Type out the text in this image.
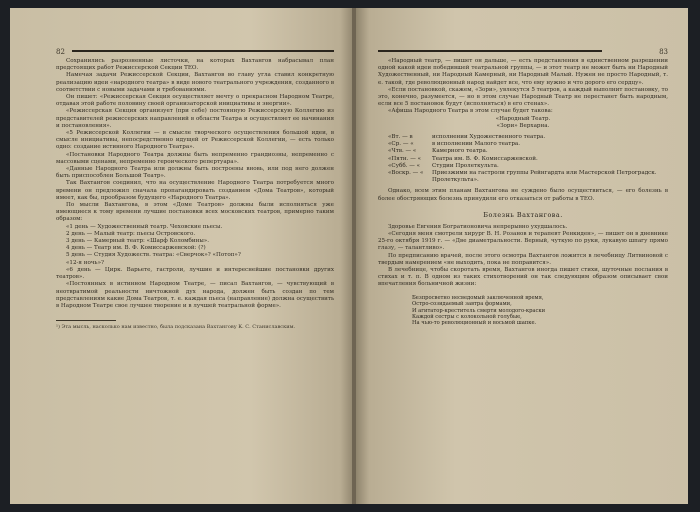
82

Сохранились разрозненные листочки, на которых Вахтангов набрасывал план предстоящих работ Режиссерской Секции ТЕО.

Намечая задачи Режиссерской Секции, Вахтангов во главу угла ставил конкретную реализацию идеи «народного театра» в виде нового театрального учреждения, созданного в соответствии с новыми задачами и требованиями.

Он пишет: «Режиссерская Секция осуществляет мечту о прекрасном Народном Театре, отдавая этой работе половину своей организаторской инициативы и энергии».

«Режиссерская Секция организует (при себе) постоянную Режиссерскую Коллегию из представителей режиссерских направлений в области Театра и осуществляет ее начинания и постановления».

«5 Режиссерской Коллегии — в смысле творческого осуществления большой идеи, в смысле инициативы, непосредственно идущей от Режиссерской Коллегии, — есть только одно: создание истинного Народного Театра».

«Постановки Народного Театра должны быть непременно грандиозны, непременно с массовыми сценами, непременно героического репертуара».

«Данные Народного Театра или должны быть построены вновь, или под него должен быть приспособлен Большой Театр».

Так Вахтангов соединил, что на осуществление Народного Театра потребуется много времени он предложил сначала пропагандировать созданием «Дома Театров», который имеет, как бы, прообразом будущего «Народного Театра».

По мысли Вахтангова, в этом «Доме Театров» должны были исполняться уже имеющиеся к тому времени лучшие постановки всех московских театров, примерно таким образом:

«1 день — Художественный театр. Чеховские пьесы.

2 день — Малый театр: пьесы Островского.

3 день — Камерный театр: «Шарф Коломбины».

4 день — Театр им. В. Ф. Комиссаржевской: (?)

5 день — Студия Художеств. театра: «Сверчок»? «Потоп»?

«12-я ночь»?

«6 день — Цирк. Варьете, гастроли, лучшие и интереснейшие постановки других театров».

«Постоянных в истинном Народном Театре, — писал Вахтангов, — чувствующий в неотвратимой реальности ничтожной дух народа, должен быть создан по тем представлениям какие Дома Театров, т. е. каждая пьеса (направление) должна осуществить в Народном Театре свое лучшее творение и в лучшей театральной форме».

¹) Эта мысль, насколько нам известно, была подсказана Вахтангову К. С. Станиславским.
83

«Народный театр, — пишет он дальше, — есть представления в единственном разрешении одной какой идеи победившей театральной группы, — и этот театр не может быть ни Народный Художественный, ни Народный Камерный, ни Народный Малый. Нужен не просто Народный, т. е. такой, где революционный народ найдет все, что ему нужно и что дорого его сердцу».

«Если постановкой, скажем, «Зори», увлекутся 5 театров, а каждый выполнит постановку, то это, конечно, разумеется, — но в этом случае Народный Театр не перестанет быть народным, если все 5 постановок будут (исполняться) в его стенах».

«Афиша Народного Театра в этом случае будет такова:

«Народный Театр.

«Зори» Верхарна.

«Вт. — в	исполнении Художественного театра.
«Ср. — «	в исполнении Малого театра.
«Чтв. — «	Камерного театра.
«Пятн. — «	Театра им. В. Ф. Комиссаржевской.
«Субб. — «	Студии Пролеткульта.
«Воскр. — «	Приезжими на гастроли группы Рейнгардта или Мастерской Петроградск. Пролеткульта».

Однако, всем этим планам Вахтангова не суждено было осуществиться, — его болезнь в более обостряющих болезнь принудили его отказаться от работы в ТЕО.

Болезнь Вахтангова.

Здоровье Евгения Богратионовича непрерывно ухудшалось.

«Сегодня меня смотрели хирург В. Н. Розанов и терапевт Ренкиден», — пишет он в дневнике 25-го октября 1919 г. — «Две диаметральности. Верный, чуткую по руки, лукавую шпагу прямо глазу, — талантливо».

По предписанию врачей, после этого осмотра Вахтангов ложится в лечебницу Литвиновой с твердым намерением «не выходить, пока не поправится».

В лечебнице, чтобы скоротать время, Вахтангов иногда пишет стихи, шуточные послания в стихах и т. п. В одном из таких стихотворений он так следующим образом описывает свои впечатления больничной жизни:

Безпросветно несведомый заключенной время,
Остро-созидаемый завтра формами,
И агитатор-креститель смерти молодого-краски
Каждой сестры с колокольной голубые,
На чью-то революционный и восьмой шапке.
